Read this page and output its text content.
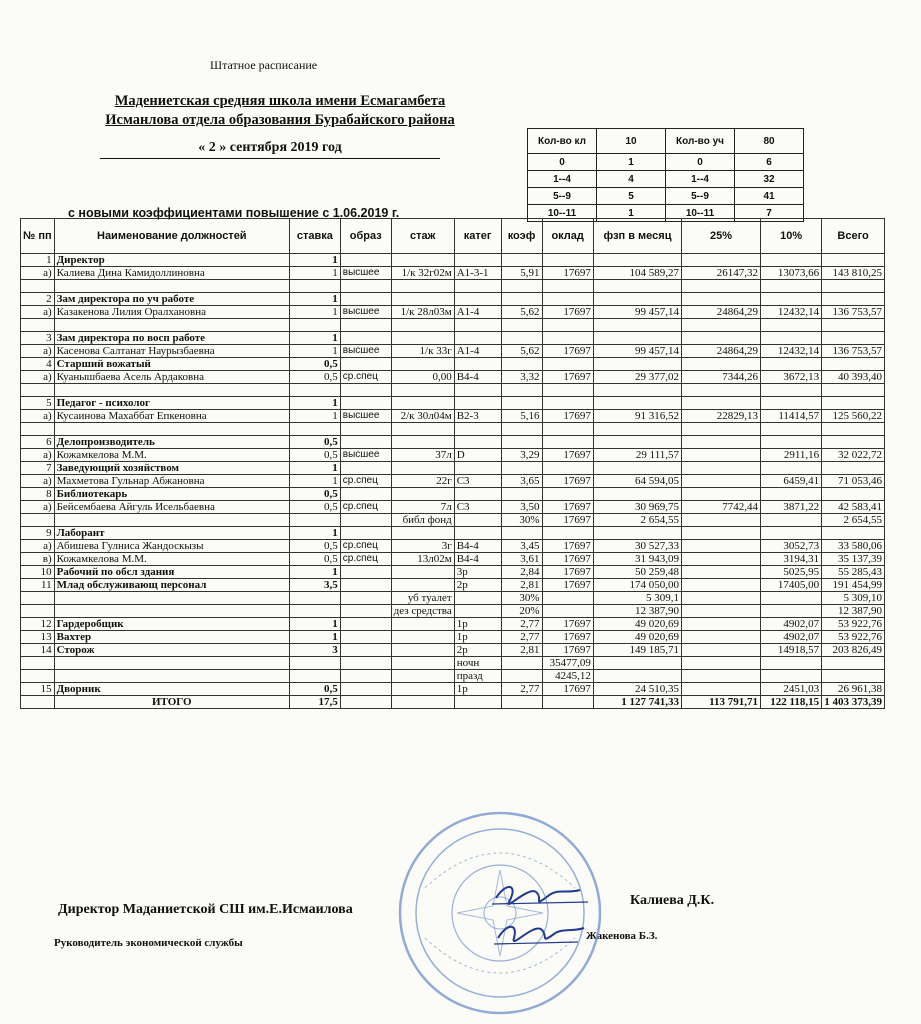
Штатное расписание
Мадениетская средняя школа имени Есмагамбета
Исманлова отдела образования Бурабайского района
« 2 » сентября 2019 год
с новыми коэффициентами повышение с 1.06.2019 г.
Кол-во кл	10	Кол-во уч	80
0	1	0	6
1--4	4	1--4	32
5--9	5	5--9	41
10--11	1	10--11	7
№ пп	Наименование должностей	ставка	образ	стаж	катег	коэф	оклад	фзп в месяц	25%	10%	Всего
1	Директор	1									
а)	Калиева Дина Камидоллиновна	1	высшее	1/к 32г02м	А1-3-1	5,91	17697	104 589,27	26147,32	13073,66	143 810,25

2	Зам директора по уч работе	1									
а)	Казакенова Лилия Оралхановна	1	высшее	1/к 28л03м	А1-4	5,62	17697	99 457,14	24864,29	12432,14	136 753,57

3	Зам директора по восп работе	1									
а)	Касенова Салтанат Наурызбаевна	1	высшее	1/к 33г	А1-4	5,62	17697	99 457,14	24864,29	12432,14	136 753,57
4	Старший вожатый	0,5									
а)	Куанышбаева Асель Ардаковна	0,5	ср.спец	0,00	В4-4	3,32	17697	29 377,02	7344,26	3672,13	40 393,40

5	Педагог - психолог	1									
а)	Кусаинова Махаббат Епкеновна	1	высшее	2/к 30л04м	В2-3	5,16	17697	91 316,52	22829,13	11414,57	125 560,22

6	Делопроизводитель	0,5									
а)	Кожамкелова М.М.	0,5	высшее	37л	D	3,29	17697	29 111,57		2911,16	32 022,72
7	Заведующий хозяйством	1									
а)	Махметова Гульнар Абжановна	1	ср.спец	22г	С3	3,65	17697	64 594,05		6459,41	71 053,46
8	Библиотекарь	0,5									
а)	Бейсембаева Айгуль Исельбаевна	0,5	ср.спец	7л	С3	3,50	17697	30 969,75	7742,44	3871,22	42 583,41
				библ фонд		30%	17697	2 654,55			2 654,55
9	Лаборант	1									
а)	Абишева Гулниса Жандоскызы	0,5	ср.спец	3г	В4-4	3,45	17697	30 527,33		3052,73	33 580,06
в)	Кожамкелова М.М.	0,5	ср.спец	13л02м	В4-4	3,61	17697	31 943,09		3194,31	35 137,39
10	Рабочий по обсл здания	1			3р	2,84	17697	50 259,48		5025,95	55 285,43
11	Млад обслуживающ персонал	3,5			2р	2,81	17697	174 050,00		17405,00	191 454,99
				уб туалет		30%		5 309,1			5 309,10
				дез средства		20%		12 387,90			12 387,90
12	Гардеробщик	1			1р	2,77	17697	49 020,69		4902,07	53 922,76
13	Вахтер	1			1р	2,77	17697	49 020,69		4902,07	53 922,76
14	Сторож	3			2р	2,81	17697	149 185,71		14918,57	203 826,49
					ночн		35477,09				
					празд		4245,12				
15	Дворник	0,5			1р	2,77	17697	24 510,35		2451,03	26 961,38
	ИТОГО	17,5						1 127 741,33	113 791,71	122 118,15	1 403 373,39
Директор Маданиетской СШ им.Е.Исмаилова
Калиева Д.К.
Руководитель экономической службы
Жакенова Б.З.
